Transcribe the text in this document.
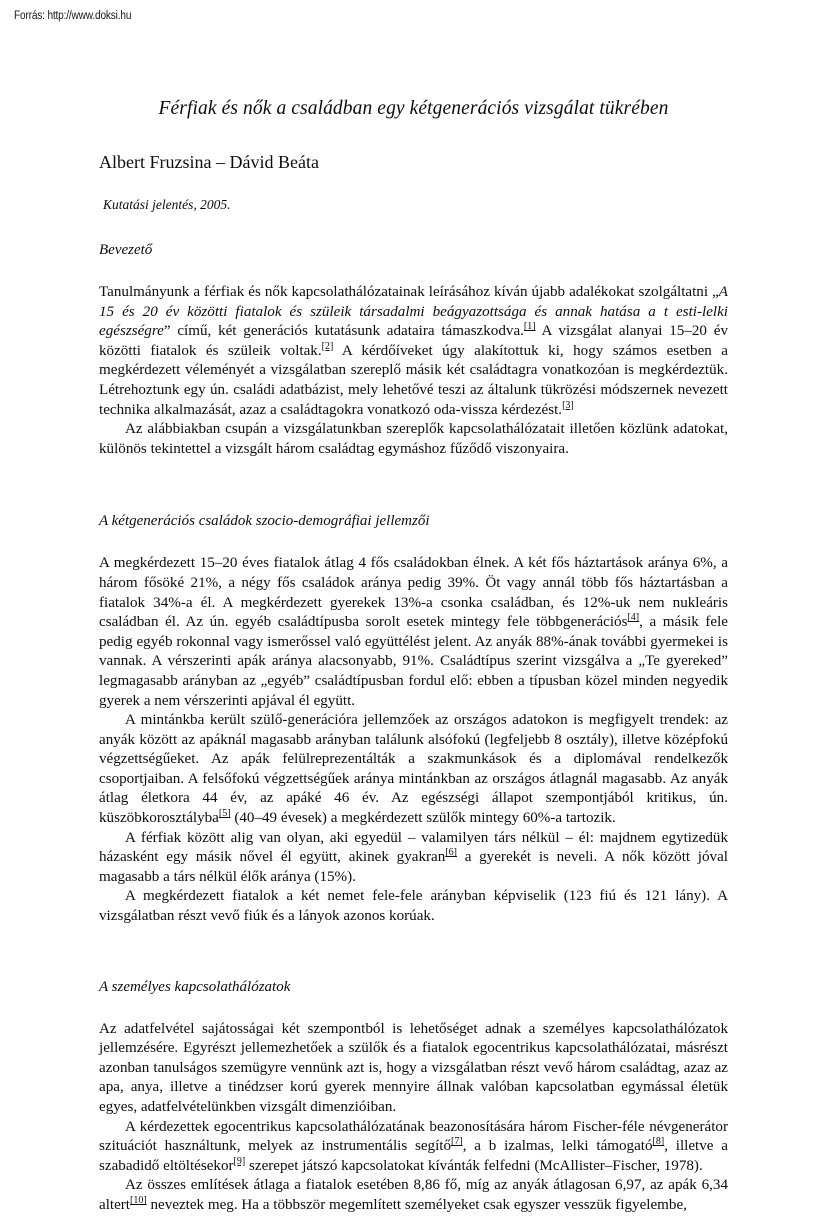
Forrás: http://www.doksi.hu
Férfiak és nők a családban egy kétgenerációs vizsgálat tükrében
Albert Fruzsina – Dávid Beáta
Kutatási jelentés, 2005.
Bevezető

Tanulmányunk a férfiak és nők kapcsolathálózatainak leírásához kíván újabb adalékokat szolgáltatni „A 15 és 20 év közötti fiatalok és szüleik társadalmi beágyazottsága és annak hatása a t esti-lelki egészségre” című, két generációs kutatásunk adataira támaszkodva.[1] A vizsgálat alanyai 15–20 év közötti fiatalok és szüleik voltak.[2] A kérdőíveket úgy alakítottuk ki, hogy számos esetben a megkérdezett véleményét a vizsgálatban szereplő másik két családtagra vonatkozóan is megkérdeztük. Létrehoztunk egy ún. családi adatbázist, mely lehetővé teszi az általunk tükrözési módszernek nevezett technika alkalmazását, azaz a családtagokra vonatkozó oda-vissza kérdezést.[3]

Az alábbiakban csupán a vizsgálatunkban szereplők kapcsolathálózatait illetően közlünk adatokat, különös tekintettel a vizsgált három családtag egymáshoz fűződő viszonyaira.

A kétgenerációs családok szocio-demográfiai jellemzői

A megkérdezett 15–20 éves fiatalok átlag 4 fős családokban élnek. A két fős háztartások aránya 6%, a három fősöké 21%, a négy fős családok aránya pedig 39%. Öt vagy annál több fős háztartásban a fiatalok 34%-a él. A megkérdezett gyerekek 13%-a csonka családban, és 12%-uk nem nukleáris családban él. Az ún. egyéb családtípusba sorolt esetek mintegy fele többgenerációs[4], a másik fele pedig egyéb rokonnal vagy ismerőssel való együttélést jelent. Az anyák 88%-ának további gyermekei is vannak. A vérszerinti apák aránya alacsonyabb, 91%. Családtípus szerint vizsgálva a „Te gyereked” legmagasabb arányban az „egyéb” családtípusban fordul elő: ebben a típusban közel minden negyedik gyerek a nem vérszerinti apjával él együtt.

A mintánkba került szülő-generációra jellemzőek az országos adatokon is megfigyelt trendek: az anyák között az apáknál magasabb arányban találunk alsófokú (legfeljebb 8 osztály), illetve középfokú végzettségűeket. Az apák felülreprezentálták a szakmunkások és a diplomával rendelkezők csoportjaiban. A felsőfokú végzettségűek aránya mintánkban az országos átlagnál magasabb. Az anyák átlag életkora 44 év, az apáké 46 év. Az egészségi állapot szempontjából kritikus, ún. küszöbkorosztályba[5] (40–49 évesek) a megkérdezett szülők mintegy 60%-a tartozik.

A férfiak között alig van olyan, aki egyedül – valamilyen társ nélkül – él: majdnem egytizedük házasként egy másik nővel él együtt, akinek gyakran[6] a gyerekét is neveli. A nők között jóval magasabb a társ nélkül élők aránya (15%).

A megkérdezett fiatalok a két nemet fele-fele arányban képviselik (123 fiú és 121 lány). A vizsgálatban részt vevő fiúk és a lányok azonos korúak.

A személyes kapcsolathálózatok

Az adatfelvétel sajátosságai két szempontból is lehetőséget adnak a személyes kapcsolathálózatok jellemzésére. Egyrészt jellemezhetőek a szülők és a fiatalok egocentrikus kapcsolathálózatai, másrészt azonban tanulságos szemügyre vennünk azt is, hogy a vizsgálatban részt vevő három családtag, azaz az apa, anya, illetve a tinédzser korú gyerek mennyire állnak valóban kapcsolatban egymással életük egyes, adatfelvételünkben vizsgált dimenzióiban.

A kérdezettek egocentrikus kapcsolathálózatának beazonosítására három Fischer-féle névgenerátor szituációt használtunk, melyek az instrumentális segítő[7], a b izalmas, lelki támogató[8], illetve a szabadidő eltöltésekor[9] szerepet játszó kapcsolatokat kívánták felfedni (McAllister–Fischer, 1978).

Az összes említések átlaga a fiatalok esetében 8,86 fő, míg az anyák átlagosan 6,97, az apák 6,34 altert[10] neveztek meg. Ha a többször megemlített személyeket csak egyszer vesszük figyelembe,
